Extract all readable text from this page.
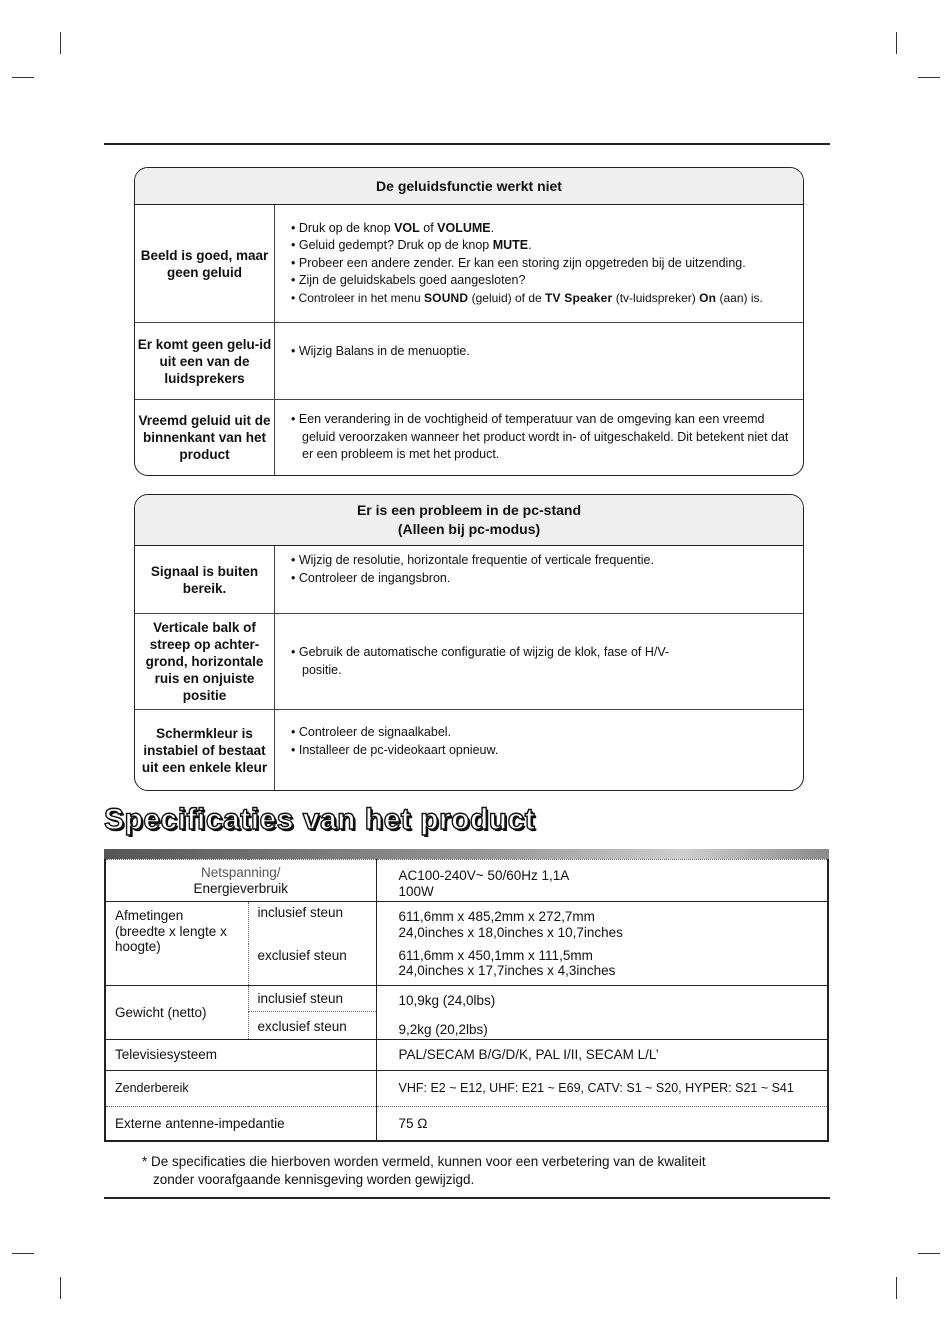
De geluidsfunctie werkt niet
Beeld is goed, maar geen geluid
• Druk op de knop VOL of VOLUME.
• Geluid gedempt? Druk op de knop MUTE.
• Probeer een andere zender. Er kan een storing zijn opgetreden bij de uitzending.
• Zijn de geluidskabels goed aangesloten?
• Controleer in het menu SOUND (geluid) of de TV Speaker (tv-luidspreker) On (aan) is.
Er komt geen gelu-id uit een van de luidsprekers
• Wijzig Balans in de menuoptie.
Vreemd geluid uit de binnenkant van het product
• Een verandering in de vochtigheid of temperatuur van de omgeving kan een vreemd geluid veroorzaken wanneer het product wordt in- of uitgeschakeld. Dit betekent niet dat er een probleem is met het product.
Er is een probleem in de pc-stand
(Alleen bij pc-modus)
Signaal is buiten bereik.
• Wijzig de resolutie, horizontale frequentie of verticale frequentie.
• Controleer de ingangsbron.
Verticale balk of streep op achter-grond, horizontale ruis en onjuiste positie
• Gebruik de automatische configuratie of wijzig de klok, fase of H/V-positie.
Schermkleur is instabiel of bestaat uit een enkele kleur
• Controleer de signaalkabel.
• Installeer de pc-videokaart opnieuw.
Specificaties van het product
Netspanning/
Energieverbruik		AC100-240V~ 50/60Hz 1,1A
100W
Afmetingen (breedte x lengte x hoogte)	inclusief steun	611,6mm x 485,2mm x 272,7mm
24,0inches x 18,0inches x 10,7inches
	exclusief steun	611,6mm x 450,1mm x 111,5mm
24,0inches x 17,7inches x 4,3inches
Gewicht (netto)	inclusief steun	10,9kg (24,0lbs)
	exclusief steun	9,2kg (20,2lbs)
Televisiesysteem		PAL/SECAM B/G/D/K, PAL I/II, SECAM L/L’
Zenderbereik		VHF: E2 ~ E12, UHF: E21 ~ E69, CATV: S1 ~ S20, HYPER: S21 ~ S41
Externe antenne-impedantie		75 Ω
* De specificaties die hierboven worden vermeld, kunnen voor een verbetering van de kwaliteit

zonder voorafgaande kennisgeving worden gewijzigd.
